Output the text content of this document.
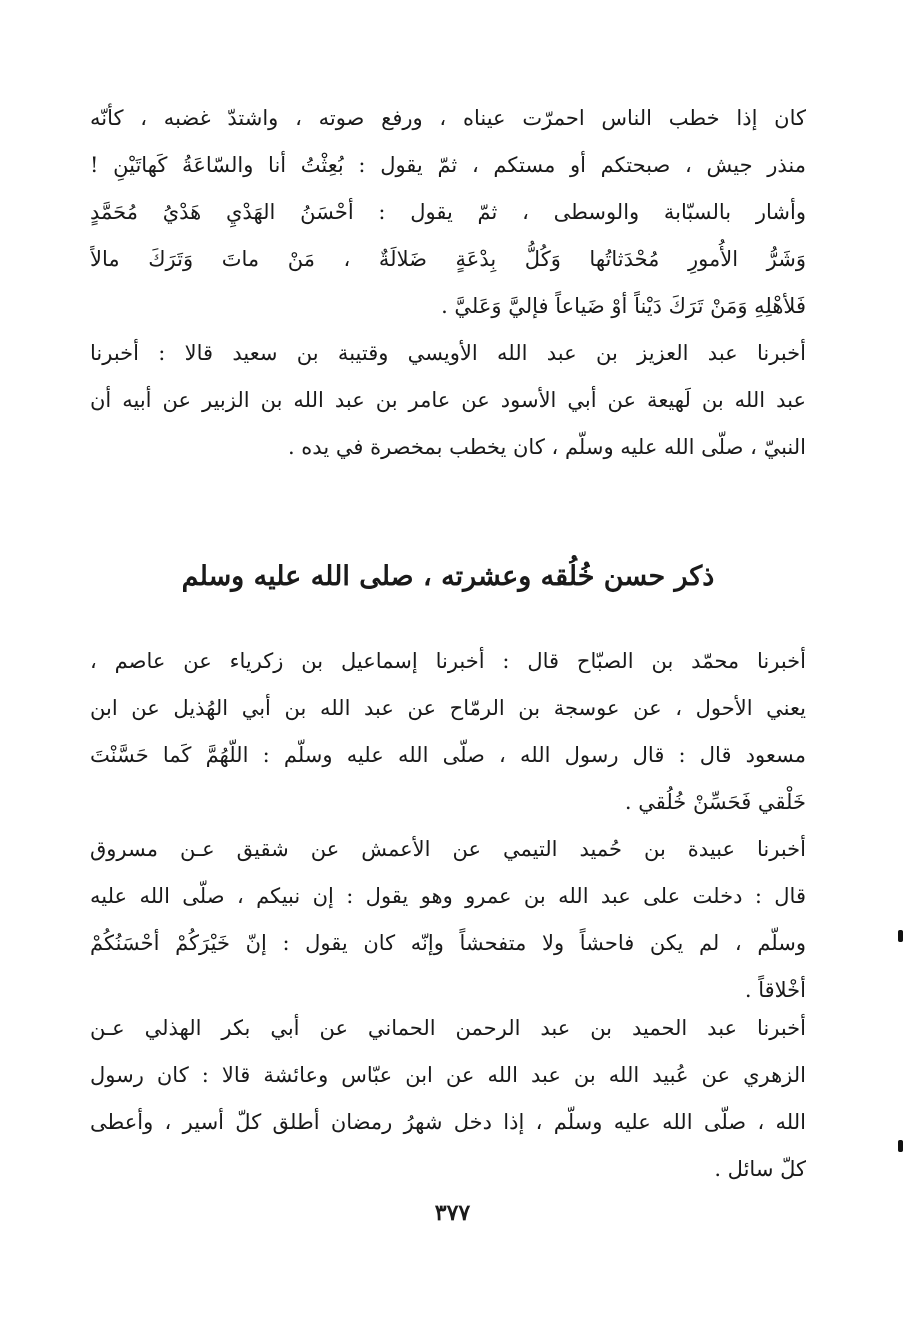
كان إذا خطب الناس احمرّت عيناه ، ورفع صوته ، واشتدّ غضبه ، كأنّه
منذر جيش ، صبحتكم أو مستكم ، ثمّ يقول : بُعِثْتُ أنا والسّاعَةُ كَهاتَيْنِ !
وأشار بالسبّابة والوسطى ، ثمّ يقول : أحْسَنُ الهَدْيِ هَدْيُ مُحَمَّدٍ
وَشَرُّ الأُمورِ مُحْدَثاتُها وَكُلُّ بِدْعَةٍ ضَلالَةٌ ، مَنْ ماتَ وَتَرَكَ مالاً
فَلأهْلِهِ وَمَنْ تَرَكَ دَيْناً أوْ ضَياعاً فإليَّ وَعَليَّ .
أخبرنا عبد العزيز بن عبد الله الأويسي وقتيبة بن سعيد قالا : أخبرنا
عبد الله بن لَهيعة عن أبي الأسود عن عامر بن عبد الله بن الزبير عن أبيه أن
النبيّ ، صلّى الله عليه وسلّم ، كان يخطب بمخصرة في يده .
ذكر حسن خُلُقه وعشرته ، صلى الله عليه وسلم
أخبرنا محمّد بن الصبّاح قال : أخبرنا إسماعيل بن زكرياء عن عاصم ،
يعني الأحول ، عن عوسجة بن الرمّاح عن عبد الله بن أبي الهُذيل عن ابن
مسعود قال : قال رسول الله ، صلّى الله عليه وسلّم : اللّهُمَّ كَما حَسَّنْتَ
خَلْقي فَحَسِّنْ خُلُقي .
أخبرنا عبيدة بن حُميد التيمي عن الأعمش عن شقيق عـن مسروق
قال : دخلت على عبد الله بن عمرو وهو يقول : إن نبيكم ، صلّى الله عليه
وسلّم ، لم يكن فاحشاً ولا متفحشاً وإنّه كان يقول : إنّ خَيْرَكُمْ أحْسَنُكُمْ
أخْلاقاً .
أخبرنا عبد الحميد بن عبد الرحمن الحماني عن أبي بكر الهذلي عـن
الزهري عن عُبيد الله بن عبد الله عن ابن عبّاس وعائشة قالا : كان رسول
الله ، صلّى الله عليه وسلّم ، إذا دخل شهرُ رمضان أطلق كلّ أسير ، وأعطى
كلّ سائل .
٣٧٧
